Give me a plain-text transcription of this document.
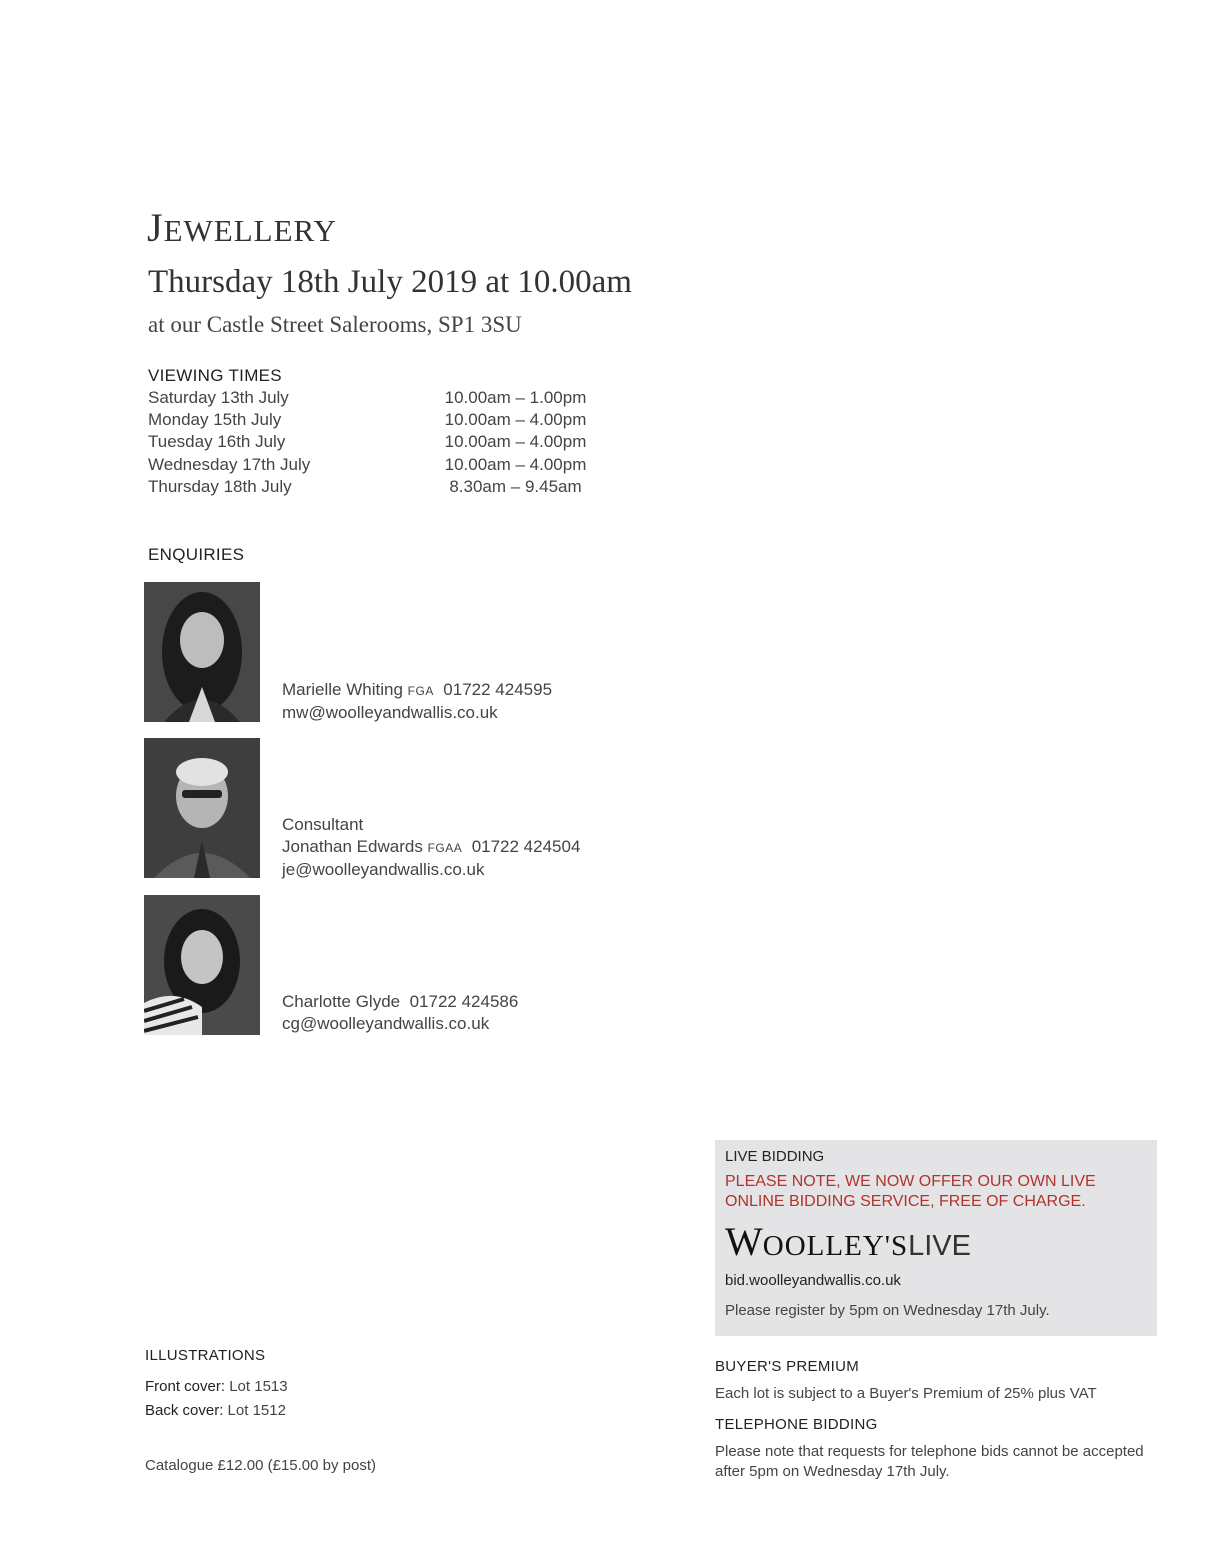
JEWELLERY
Thursday 18th July 2019 at 10.00am
at our Castle Street Salerooms, SP1 3SU
VIEWING TIMES
Saturday 13th July	10.00am – 1.00pm
Monday 15th July	10.00am – 4.00pm
Tuesday 16th July	10.00am – 4.00pm
Wednesday 17th July	10.00am – 4.00pm
Thursday 18th July	8.30am – 9.45am
ENQUIRIES
Marielle Whiting FGA 01722 424595
mw@woolleyandwallis.co.uk
Consultant
Jonathan Edwards FGAA 01722 424504
je@woolleyandwallis.co.uk
Charlotte Glyde 01722 424586
cg@woolleyandwallis.co.uk
LIVE BIDDING
PLEASE NOTE, WE NOW OFFER OUR OWN LIVE ONLINE BIDDING SERVICE, FREE OF CHARGE.
WOOLLEY'SLIVE
bid.woolleyandwallis.co.uk
Please register by 5pm on Wednesday 17th July.
BUYER'S PREMIUM
Each lot is subject to a Buyer's Premium of 25% plus VAT
TELEPHONE BIDDING
Please note that requests for telephone bids cannot be accepted after 5pm on Wednesday 17th July.
ILLUSTRATIONS
Front cover: Lot 1513
Back cover: Lot 1512
Catalogue £12.00 (£15.00 by post)
